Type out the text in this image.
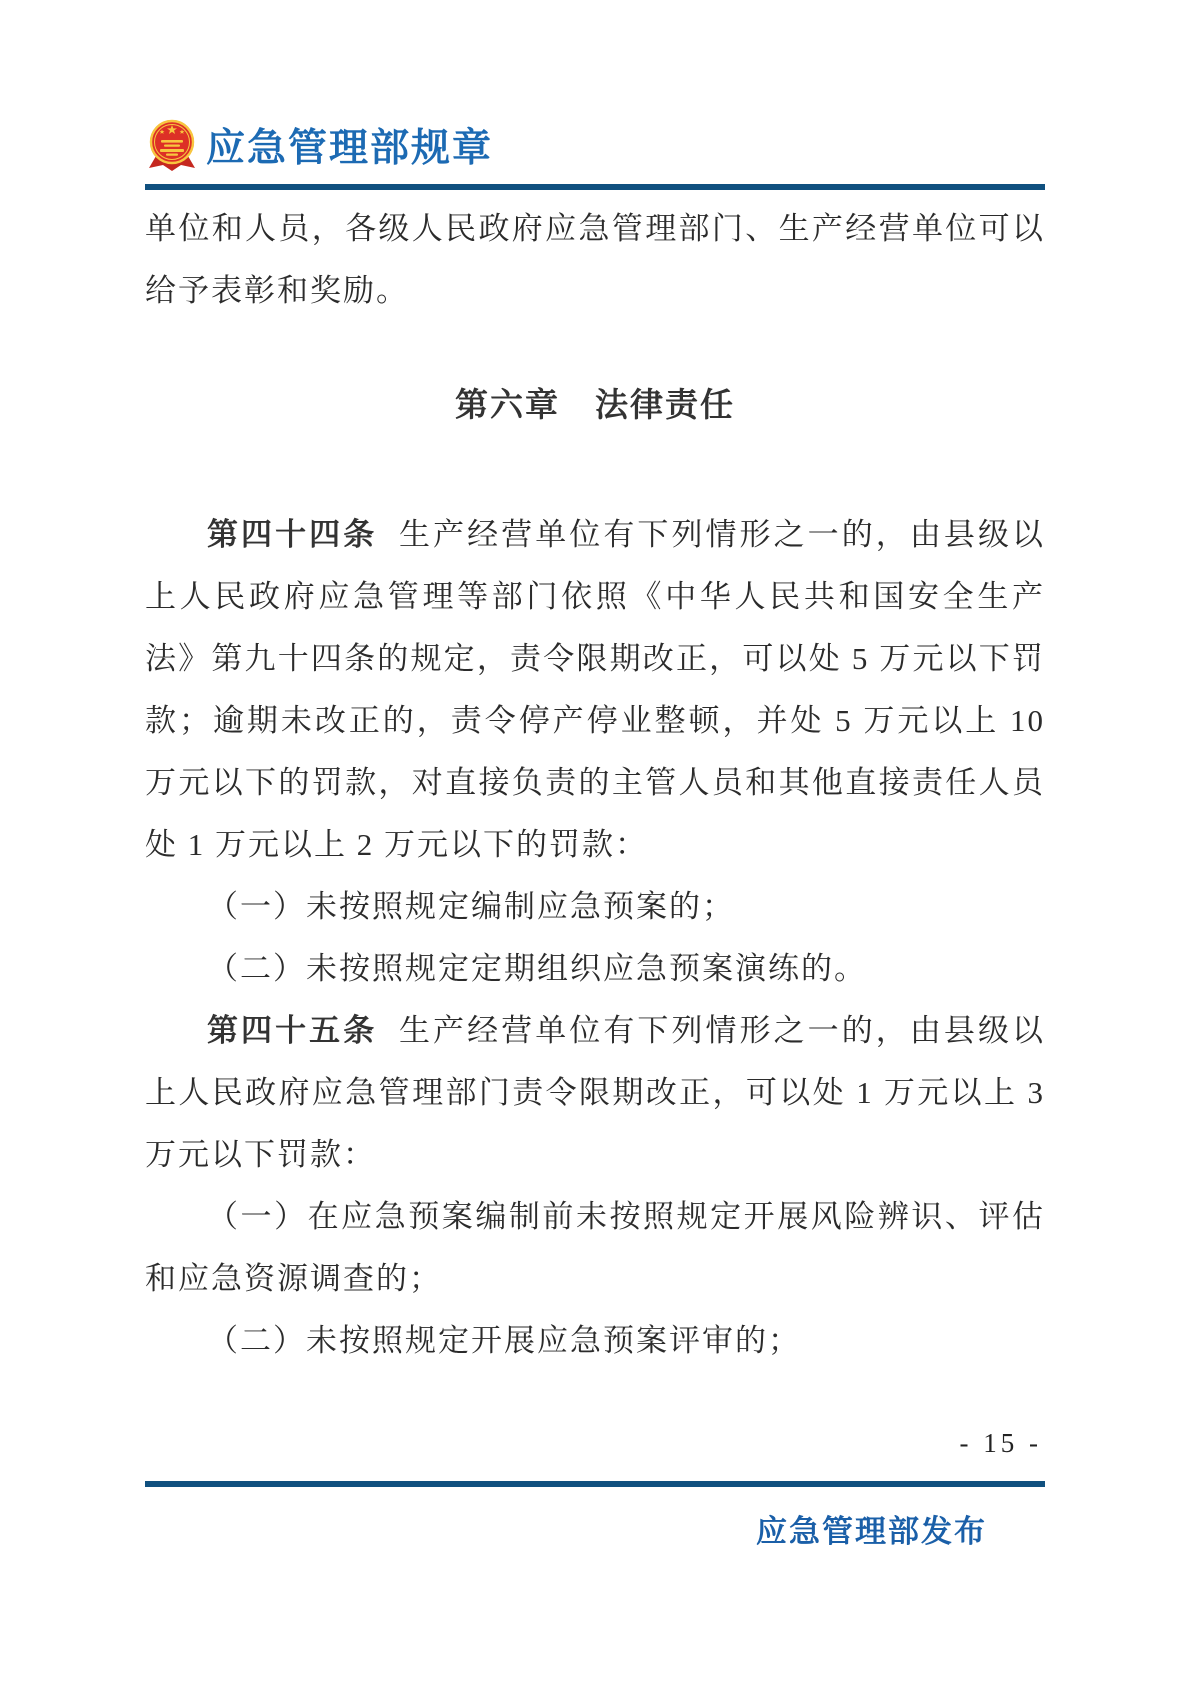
应急管理部规章

单位和人员，各级人民政府应急管理部门、生产经营单位可以给予表彰和奖励。

第六章　法律责任

第四十四条 生产经营单位有下列情形之一的，由县级以上人民政府应急管理等部门依照《中华人民共和国安全生产法》第九十四条的规定，责令限期改正，可以处 5 万元以下罚款；逾期未改正的，责令停产停业整顿，并处 5 万元以上 10 万元以下的罚款，对直接负责的主管人员和其他直接责任人员处 1 万元以上 2 万元以下的罚款：

（一）未按照规定编制应急预案的；

（二）未按照规定定期组织应急预案演练的。

第四十五条 生产经营单位有下列情形之一的，由县级以上人民政府应急管理部门责令限期改正，可以处 1 万元以上 3 万元以下罚款：

（一）在应急预案编制前未按照规定开展风险辨识、评估和应急资源调查的；

（二）未按照规定开展应急预案评审的；

- 15 -
应急管理部发布
